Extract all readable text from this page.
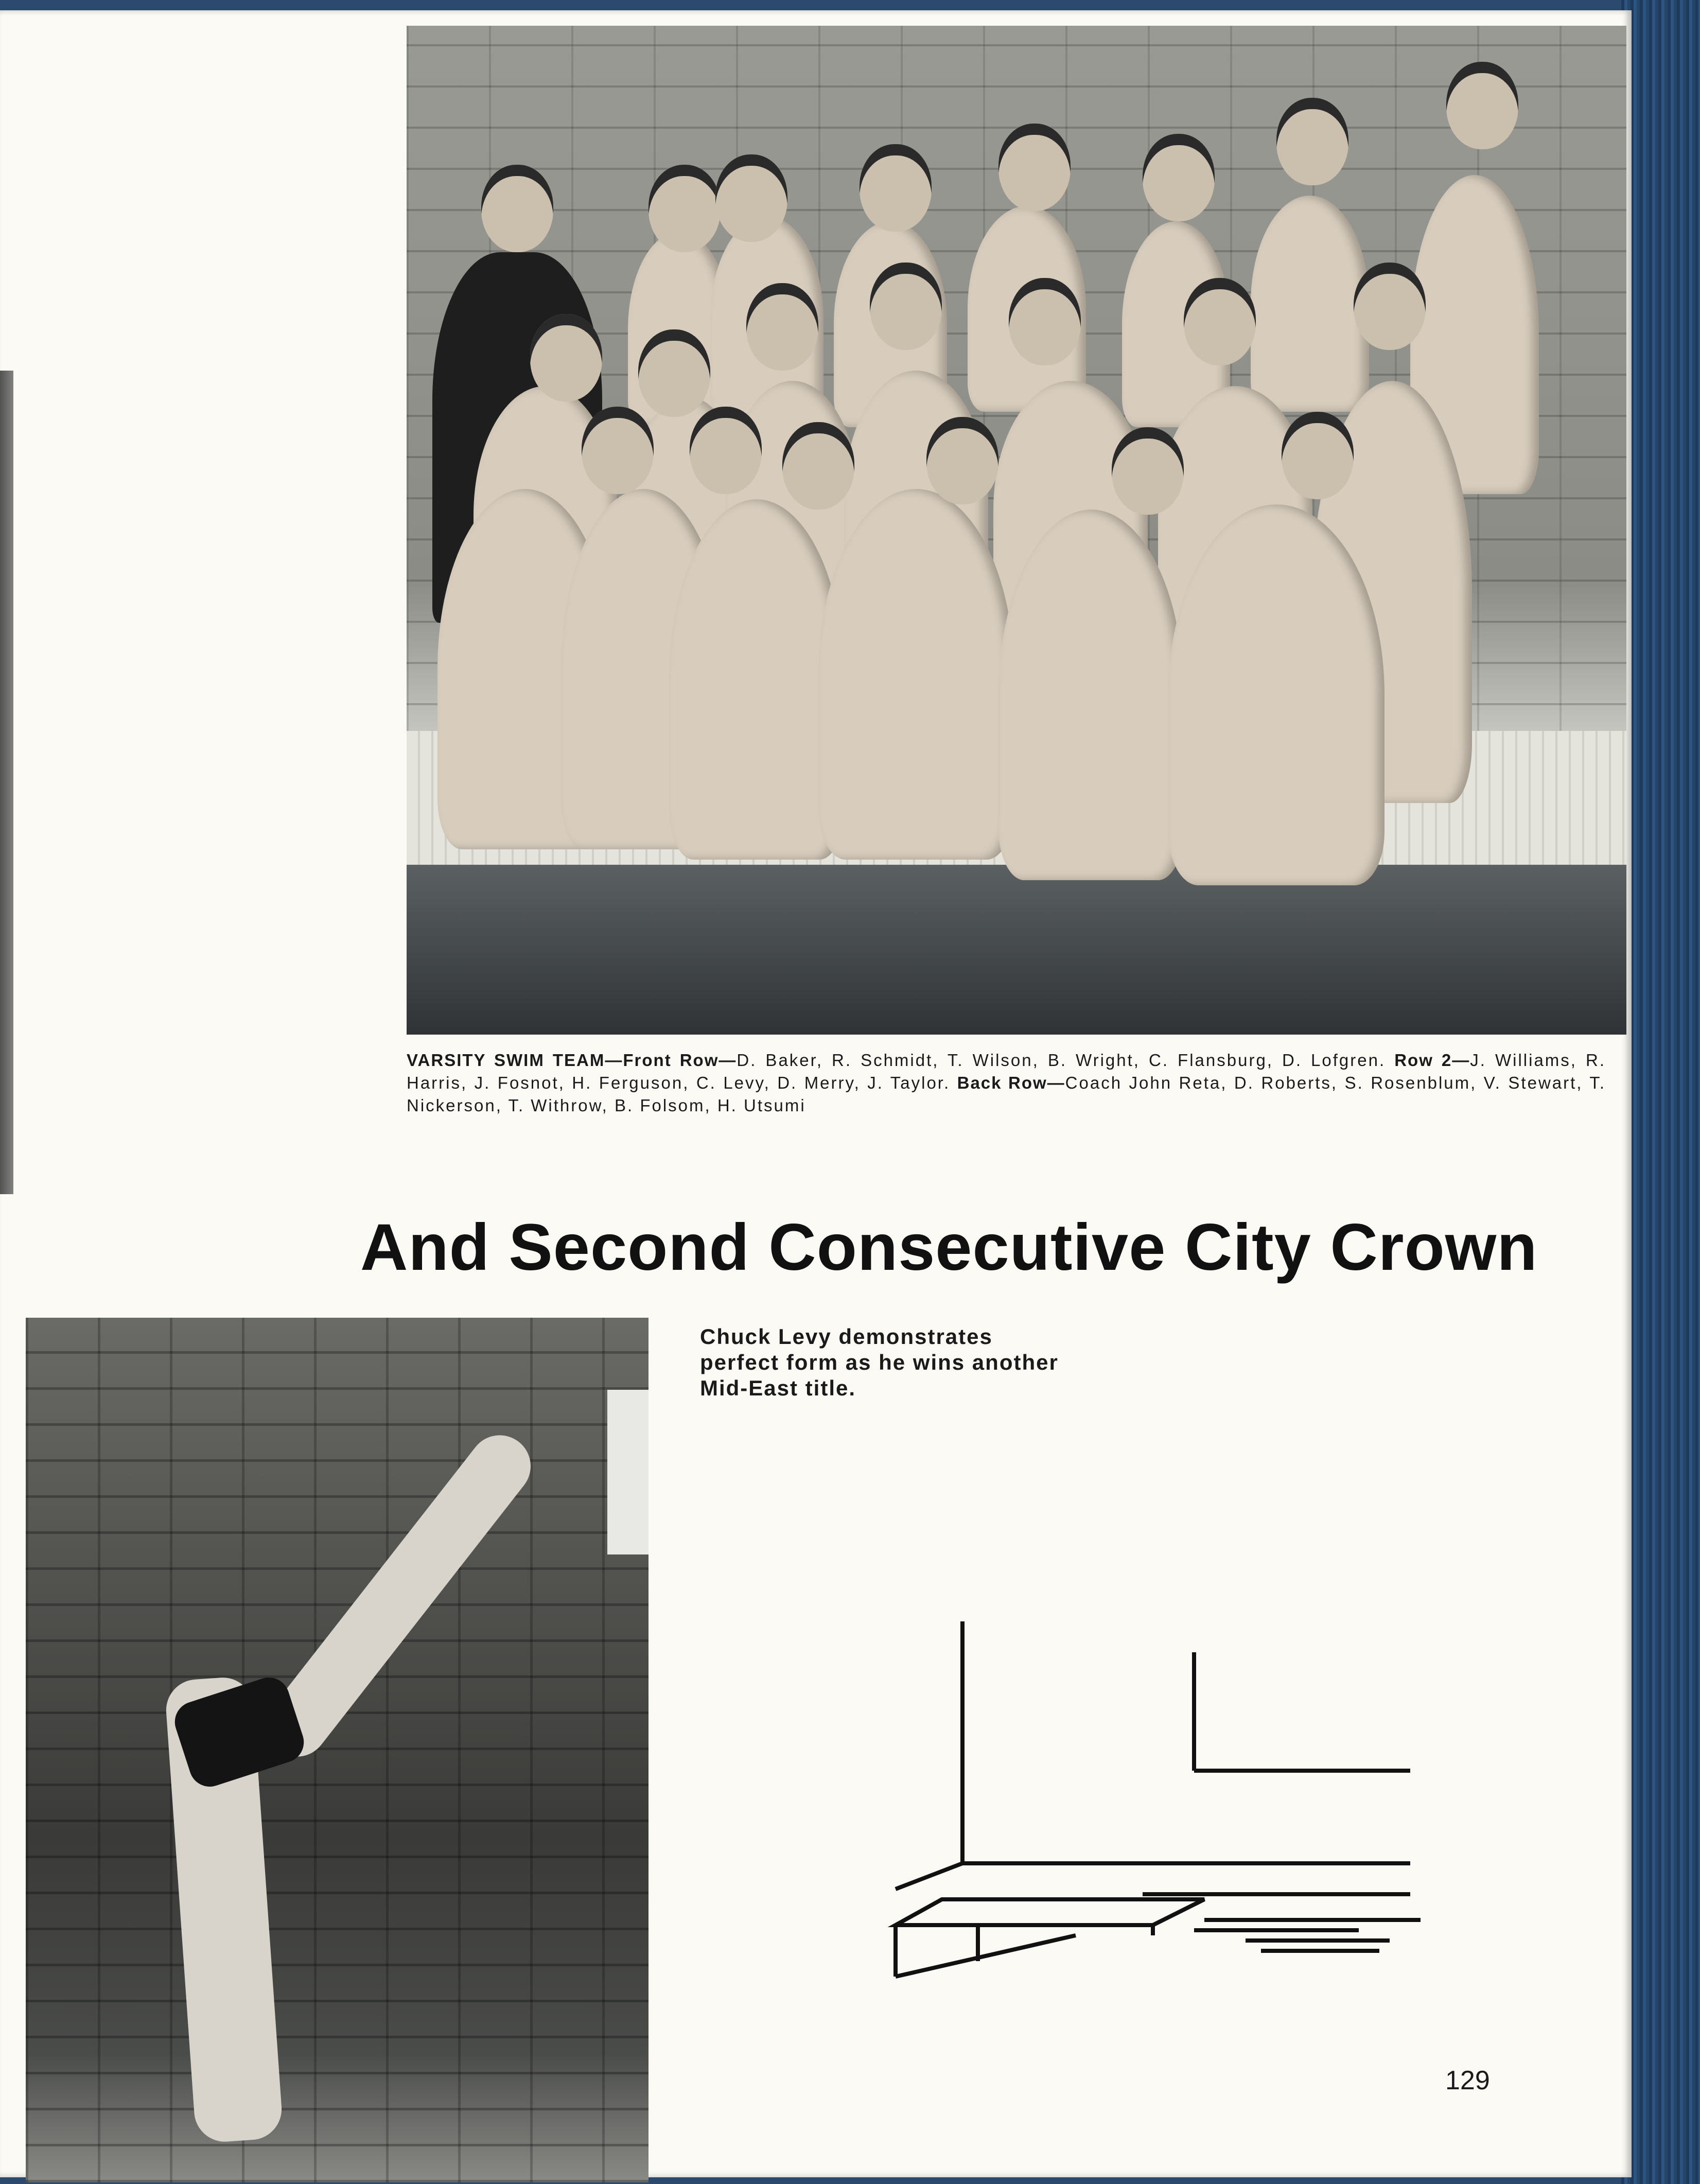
VARSITY SWIM TEAM—Front Row—D. Baker, R. Schmidt, T. Wilson, B. Wright, C. Flansburg, D. Lofgren. Row 2—J. Williams, R. Harris, J. Fosnot, H. Ferguson, C. Levy, D. Merry, J. Taylor. Back Row—Coach John Reta, D. Roberts, S. Rosenblum, V. Stewart, T. Nickerson, T. Withrow, B. Folsom, H. Utsumi
And Second Consecutive City Crown
Chuck Levy demonstrates perfect form as he wins another Mid-East title.
129
